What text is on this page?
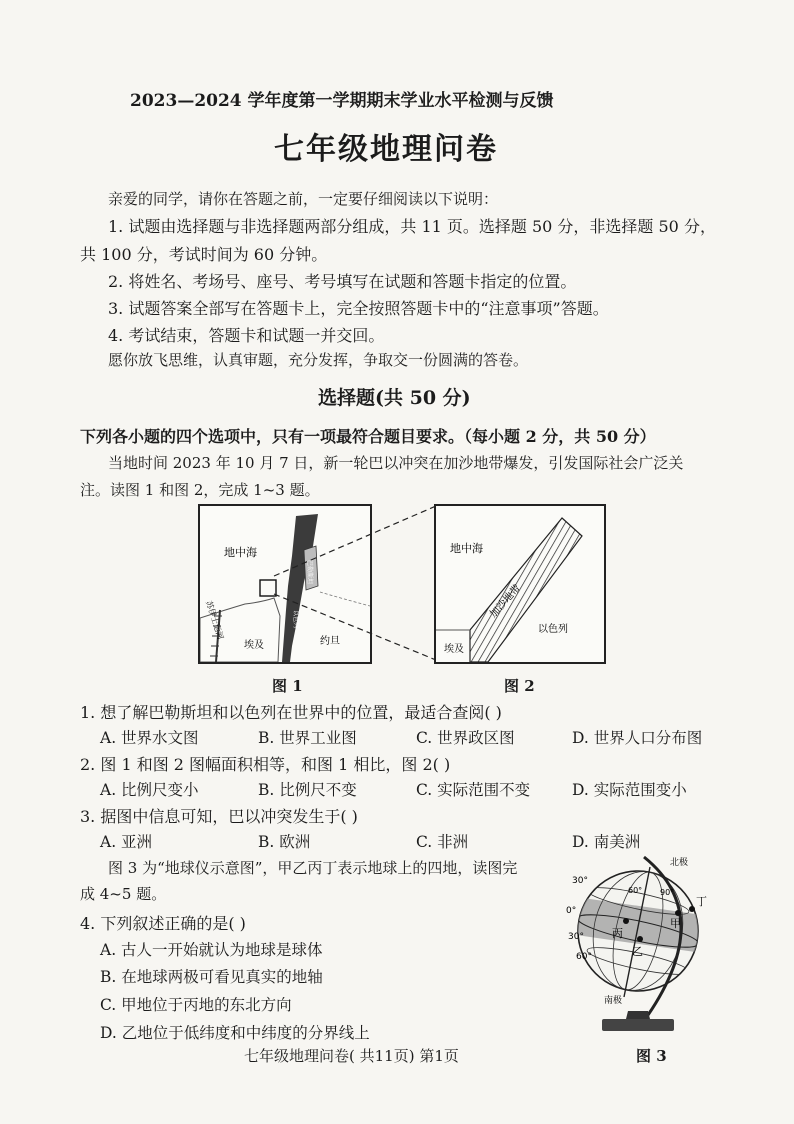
2023—2024 学年度第一学期期末学业水平检测与反馈
七年级地理问卷
亲爱的同学，请你在答题之前，一定要仔细阅读以下说明：
1. 试题由选择题与非选择题两部分组成，共 11 页。选择题 50 分，非选择题 50 分，
共 100 分，考试时间为 60 分钟。
2. 将姓名、考场号、座号、考号填写在试题和答题卡指定的位置。
3. 试题答案全部写在答题卡上，完全按照答题卡中的“注意事项”答题。
4. 考试结束，答题卡和试题一并交回。
愿你放飞思维，认真审题，充分发挥，争取交一份圆满的答卷。
选择题(共 50 分)
下列各小题的四个选项中，只有一项最符合题目要求。（每小题 2 分，共 50 分）
当地时间 2023 年 10 月 7 日，新一轮巴以冲突在加沙地带爆发，引发国际社会广泛关
注。读图 1 和图 2，完成 1~3 题。
地中海
埃及	约旦
苏伊士运河
巴勒斯坦
以色列
地中海
加沙地带
埃及
以色列
图 1	图 2
1. 想了解巴勒斯坦和以色列在世界中的位置，最适合查阅( )
A. 世界水文图	B. 世界工业图	C. 世界政区图	D. 世界人口分布图
2. 图 1 和图 2 图幅面积相等，和图 1 相比，图 2( )
A. 比例尺变小	B. 比例尺不变	C. 实际范围不变	D. 实际范围变小
3. 据图中信息可知，巴以冲突发生于( )
A. 亚洲	B. 欧洲	C. 非洲	D. 南美洲
图 3 为“地球仪示意图”，甲乙丙丁表示地球上的四地，读图完
成 4~5 题。
4. 下列叙述正确的是( )
A. 古人一开始就认为地球是球体
B. 在地球两极可看见真实的地轴
C. 甲地位于丙地的东北方向
D. 乙地位于低纬度和中纬度的分界线上
北极
南极
30°
0°
30°
60°
60° 90°
甲
乙
丙
丁
图 3
七年级地理问卷( 共11页) 第1页
